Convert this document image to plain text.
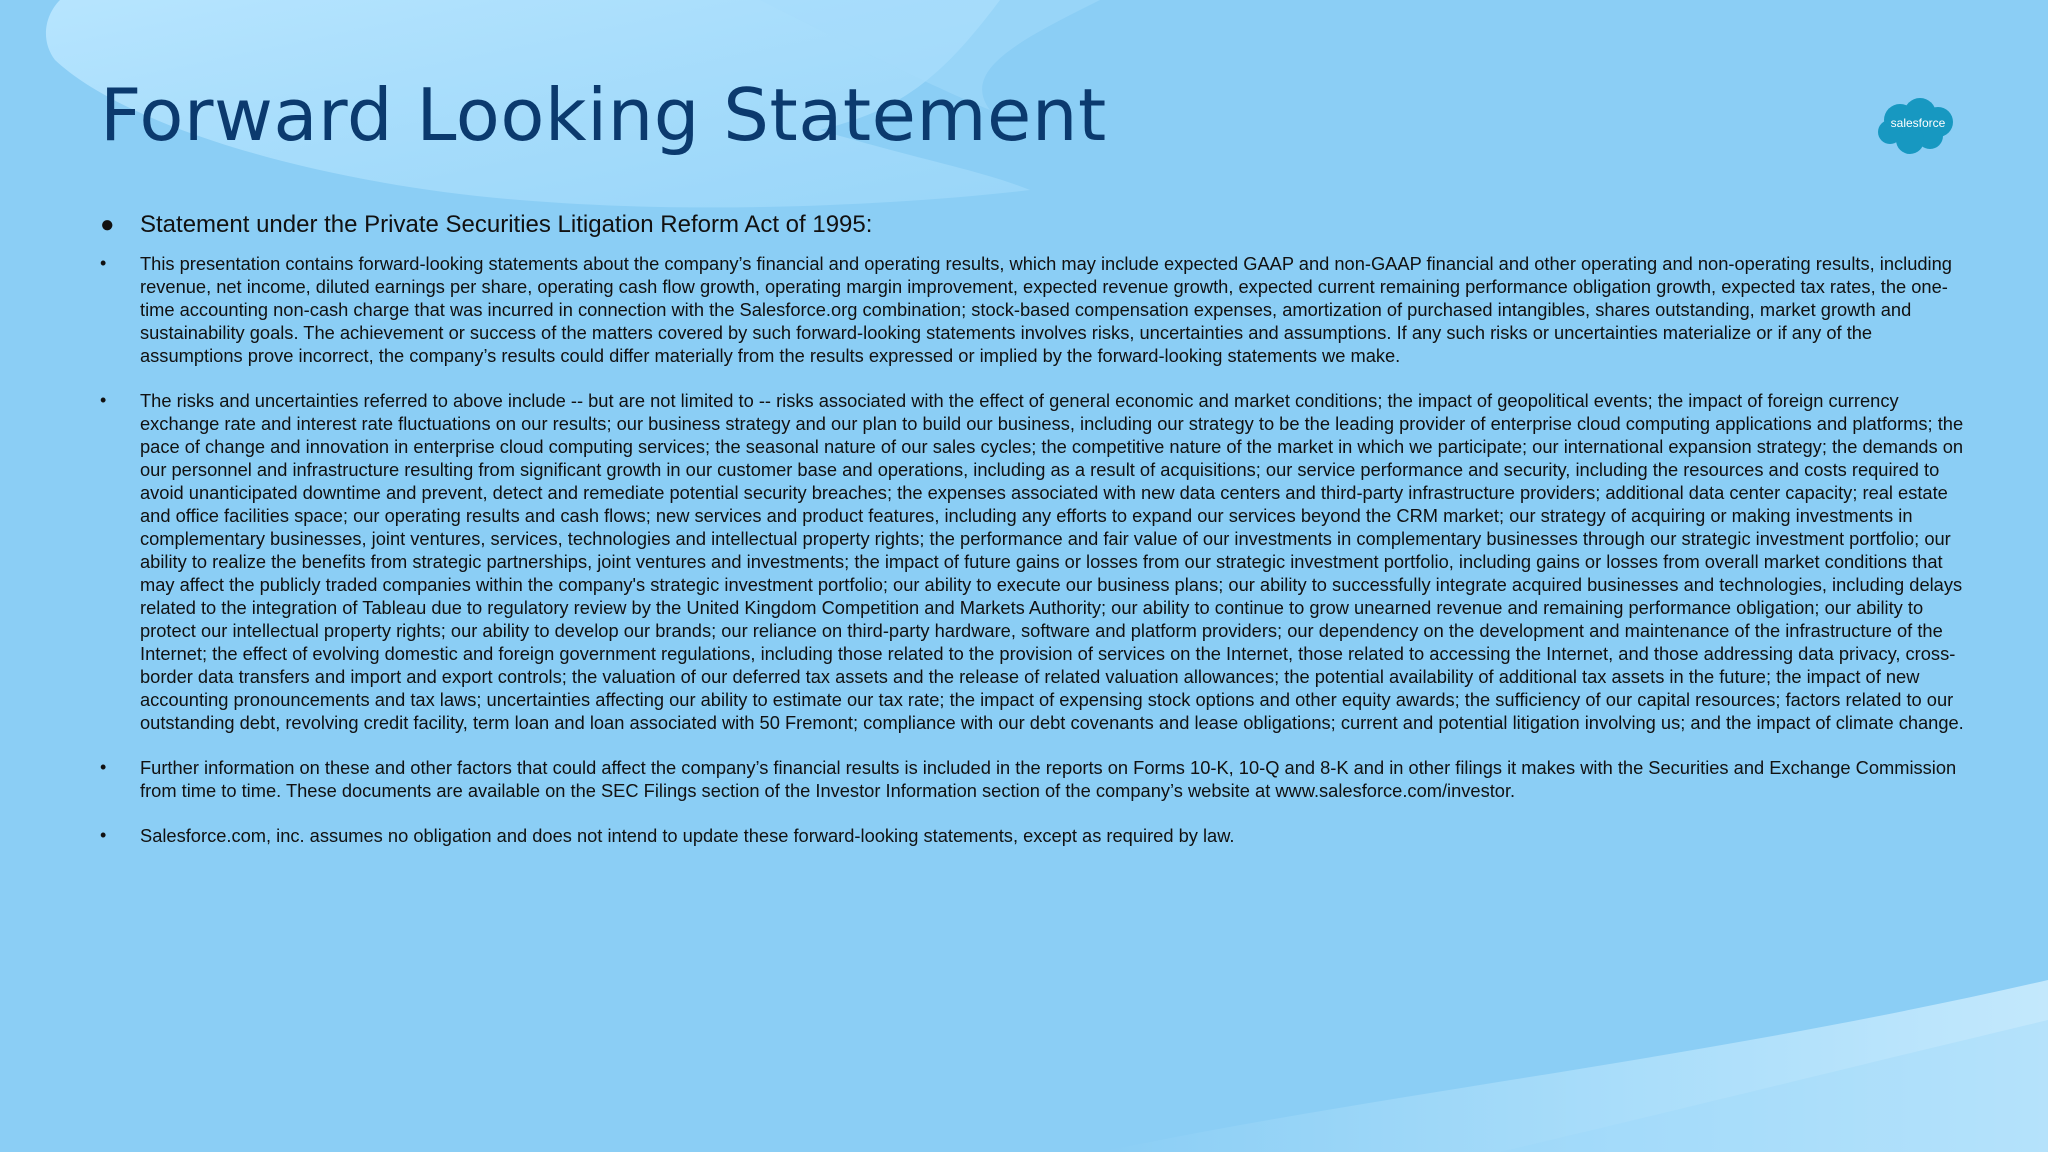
Forward Looking Statement	salesforce
● Statement under the Private Securities Litigation Reform Act of 1995:
• This presentation contains forward-looking statements about the company’s financial and operating results, which may include expected GAAP and non-GAAP financial and other operating and non-operating results, including revenue, net income, diluted earnings per share, operating cash flow growth, operating margin improvement, expected revenue growth, expected current remaining performance obligation growth, expected tax rates, the one-time accounting non-cash charge that was incurred in connection with the Salesforce.org combination; stock-based compensation expenses, amortization of purchased intangibles, shares outstanding, market growth and sustainability goals. The achievement or success of the matters covered by such forward-looking statements involves risks, uncertainties and assumptions. If any such risks or uncertainties materialize or if any of the assumptions prove incorrect, the company’s results could differ materially from the results expressed or implied by the forward-looking statements we make.
• The risks and uncertainties referred to above include -- but are not limited to -- risks associated with the effect of general economic and market conditions; the impact of geopolitical events; the impact of foreign currency exchange rate and interest rate fluctuations on our results; our business strategy and our plan to build our business, including our strategy to be the leading provider of enterprise cloud computing applications and platforms; the pace of change and innovation in enterprise cloud computing services; the seasonal nature of our sales cycles; the competitive nature of the market in which we participate; our international expansion strategy; the demands on our personnel and infrastructure resulting from significant growth in our customer base and operations, including as a result of acquisitions; our service performance and security, including the resources and costs required to avoid unanticipated downtime and prevent, detect and remediate potential security breaches; the expenses associated with new data centers and third-party infrastructure providers; additional data center capacity; real estate and office facilities space; our operating results and cash flows; new services and product features, including any efforts to expand our services beyond the CRM market; our strategy of acquiring or making investments in complementary businesses, joint ventures, services, technologies and intellectual property rights; the performance and fair value of our investments in complementary businesses through our strategic investment portfolio; our ability to realize the benefits from strategic partnerships, joint ventures and investments; the impact of future gains or losses from our strategic investment portfolio, including gains or losses from overall market conditions that may affect the publicly traded companies within the company's strategic investment portfolio; our ability to execute our business plans; our ability to successfully integrate acquired businesses and technologies, including delays related to the integration of Tableau due to regulatory review by the United Kingdom Competition and Markets Authority; our ability to continue to grow unearned revenue and remaining performance obligation; our ability to protect our intellectual property rights; our ability to develop our brands; our reliance on third-party hardware, software and platform providers; our dependency on the development and maintenance of the infrastructure of the Internet; the effect of evolving domestic and foreign government regulations, including those related to the provision of services on the Internet, those related to accessing the Internet, and those addressing data privacy, cross-border data transfers and import and export controls; the valuation of our deferred tax assets and the release of related valuation allowances; the potential availability of additional tax assets in the future; the impact of new accounting pronouncements and tax laws; uncertainties affecting our ability to estimate our tax rate; the impact of expensing stock options and other equity awards; the sufficiency of our capital resources; factors related to our outstanding debt, revolving credit facility, term loan and loan associated with 50 Fremont; compliance with our debt covenants and lease obligations; current and potential litigation involving us; and the impact of climate change.
• Further information on these and other factors that could affect the company’s financial results is included in the reports on Forms 10-K, 10-Q and 8-K and in other filings it makes with the Securities and Exchange Commission from time to time. These documents are available on the SEC Filings section of the Investor Information section of the company’s website at www.salesforce.com/investor.
• Salesforce.com, inc. assumes no obligation and does not intend to update these forward-looking statements, except as required by law.
